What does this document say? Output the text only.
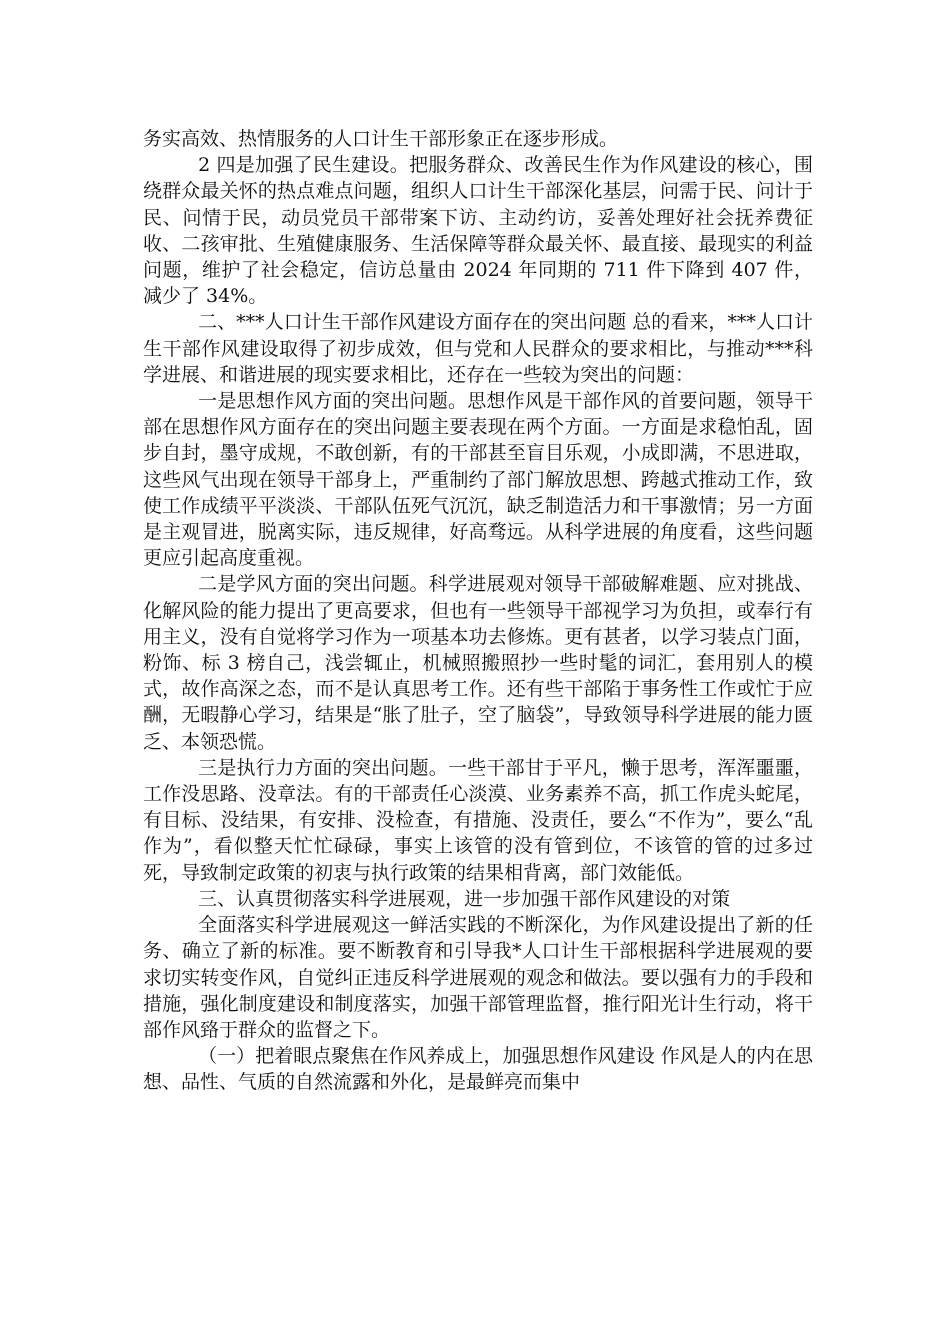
务实高效、热情服务的人口计生干部形象正在逐步形成。

2 四是加强了民生建设。把服务群众、改善民生作为作风建设的核心，围绕群众最关怀的热点难点问题，组织人口计生干部深化基层，问需于民、问计于民、问情于民，动员党员干部带案下访、主动约访，妥善处理好社会抚养费征收、二孩审批、生殖健康服务、生活保障等群众最关怀、最直接、最现实的利益问题，维护了社会稳定，信访总量由 2024 年同期的 711 件下降到 407 件，减少了 34%。

二、***人口计生干部作风建设方面存在的突出问题 总的看来，***人口计生干部作风建设取得了初步成效，但与党和人民群众的要求相比，与推动***科学进展、和谐进展的现实要求相比，还存在一些较为突出的问题：

一是思想作风方面的突出问题。思想作风是干部作风的首要问题，领导干部在思想作风方面存在的突出问题主要表现在两个方面。一方面是求稳怕乱，固步自封，墨守成规，不敢创新，有的干部甚至盲目乐观，小成即满，不思进取，这些风气出现在领导干部身上，严重制约了部门解放思想、跨越式推动工作，致使工作成绩平平淡淡、干部队伍死气沉沉，缺乏制造活力和干事激情；另一方面是主观冒进，脱离实际，违反规律，好高骛远。从科学进展的角度看，这些问题更应引起高度重视。

二是学风方面的突出问题。科学进展观对领导干部破解难题、应对挑战、化解风险的能力提出了更高要求，但也有一些领导干部视学习为负担，或奉行有用主义，没有自觉将学习作为一项基本功去修炼。更有甚者，以学习装点门面，粉饰、标 3 榜自己，浅尝辄止，机械照搬照抄一些时髦的词汇，套用别人的模式，故作高深之态，而不是认真思考工作。还有些干部陷于事务性工作或忙于应酬，无暇静心学习，结果是“胀了肚子，空了脑袋”，导致领导科学进展的能力匮乏、本领恐慌。

三是执行力方面的突出问题。一些干部甘于平凡，懒于思考，浑浑噩噩，工作没思路、没章法。有的干部责任心淡漠、业务素养不高，抓工作虎头蛇尾，有目标、没结果，有安排、没检查，有措施、没责任，要么“不作为”，要么“乱作为”，看似整天忙忙碌碌，事实上该管的没有管到位，不该管的管的过多过死，导致制定政策的初衷与执行政策的结果相背离，部门效能低。

三、认真贯彻落实科学进展观，进一步加强干部作风建设的对策

全面落实科学进展观这一鲜活实践的不断深化，为作风建设提出了新的任务、确立了新的标准。要不断教育和引导我*人口计生干部根据科学进展观的要求切实转变作风，自觉纠正违反科学进展观的观念和做法。要以强有力的手段和措施，强化制度建设和制度落实，加强干部管理监督，推行阳光计生行动，将干部作风臵于群众的监督之下。

（一）把着眼点聚焦在作风养成上，加强思想作风建设 作风是人的内在思想、品性、气质的自然流露和外化，是最鲜亮而集中
